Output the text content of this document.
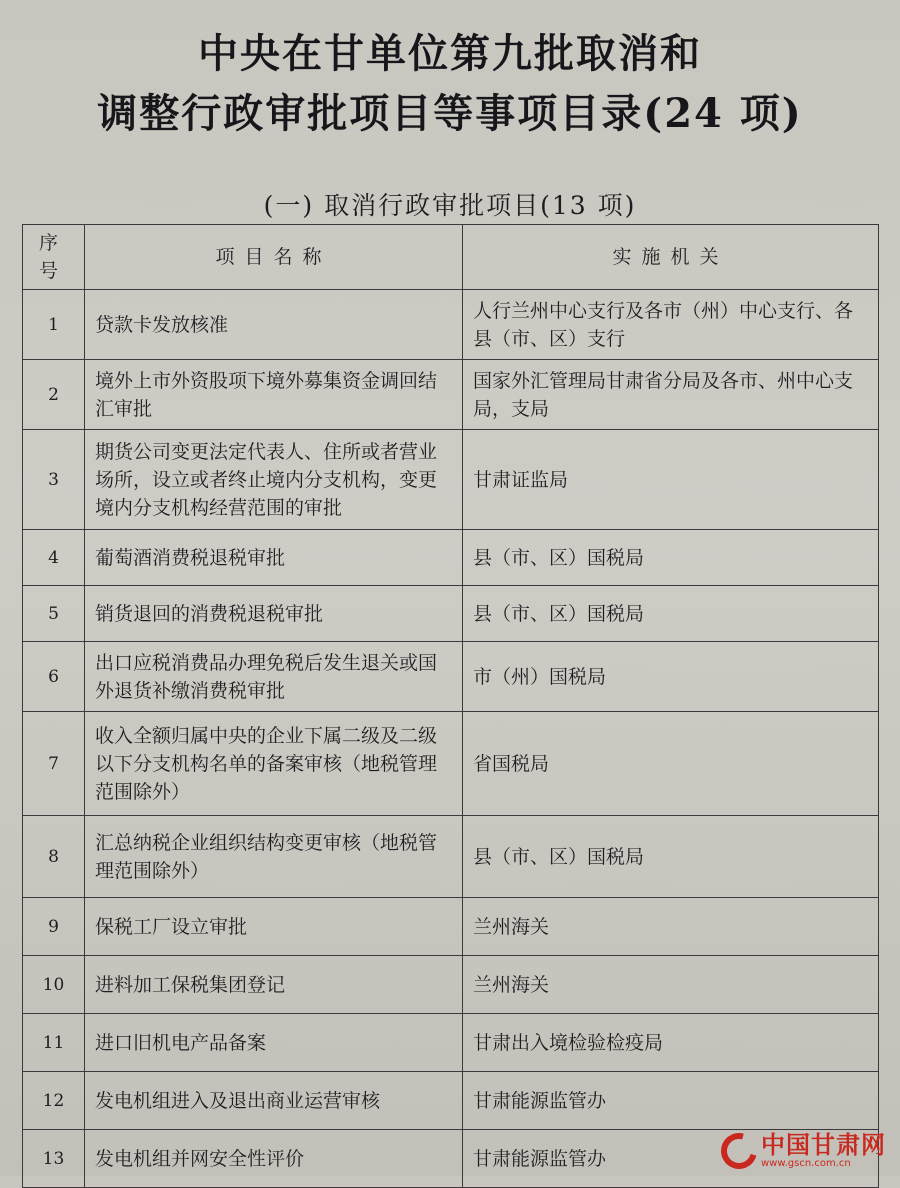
中央在甘单位第九批取消和
调整行政审批项目等事项目录(24 项)
(一) 取消行政审批项目(13 项)
序号	项目名称	实施机关
1	贷款卡发放核准	人行兰州中心支行及各市（州）中心支行、各县（市、区）支行
2	境外上市外资股项下境外募集资金调回结汇审批	国家外汇管理局甘肃省分局及各市、州中心支局，支局
3	期货公司变更法定代表人、住所或者营业场所，设立或者终止境内分支机构，变更境内分支机构经营范围的审批	甘肃证监局
4	葡萄酒消费税退税审批	县（市、区）国税局
5	销货退回的消费税退税审批	县（市、区）国税局
6	出口应税消费品办理免税后发生退关或国外退货补缴消费税审批	市（州）国税局
7	收入全额归属中央的企业下属二级及二级以下分支机构名单的备案审核（地税管理范围除外）	省国税局
8	汇总纳税企业组织结构变更审核（地税管理范围除外）	县（市、区）国税局
9	保税工厂设立审批	兰州海关
10	进料加工保税集团登记	兰州海关
11	进口旧机电产品备案	甘肃出入境检验检疫局
12	发电机组进入及退出商业运营审核	甘肃能源监管办
13	发电机组并网安全性评价	甘肃能源监管办	中国甘肃网
www.gscn.com.cn
